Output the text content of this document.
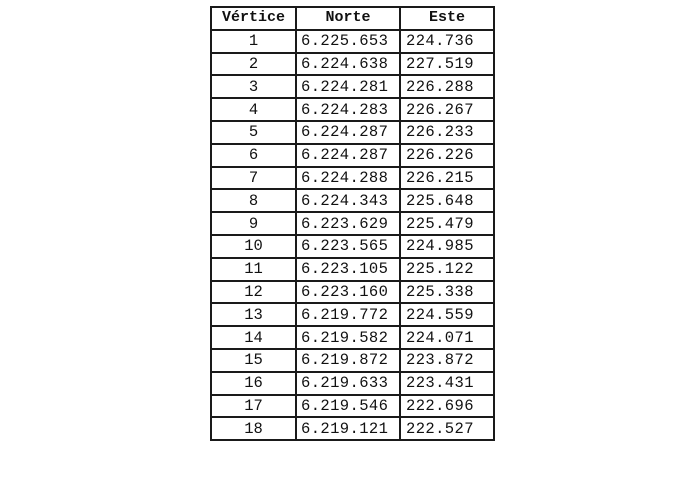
Vértice	Norte	Este
1	6.225.653	224.736
2	6.224.638	227.519
3	6.224.281	226.288
4	6.224.283	226.267
5	6.224.287	226.233
6	6.224.287	226.226
7	6.224.288	226.215
8	6.224.343	225.648
9	6.223.629	225.479
10	6.223.565	224.985
11	6.223.105	225.122
12	6.223.160	225.338
13	6.219.772	224.559
14	6.219.582	224.071
15	6.219.872	223.872
16	6.219.633	223.431
17	6.219.546	222.696
18	6.219.121	222.527
